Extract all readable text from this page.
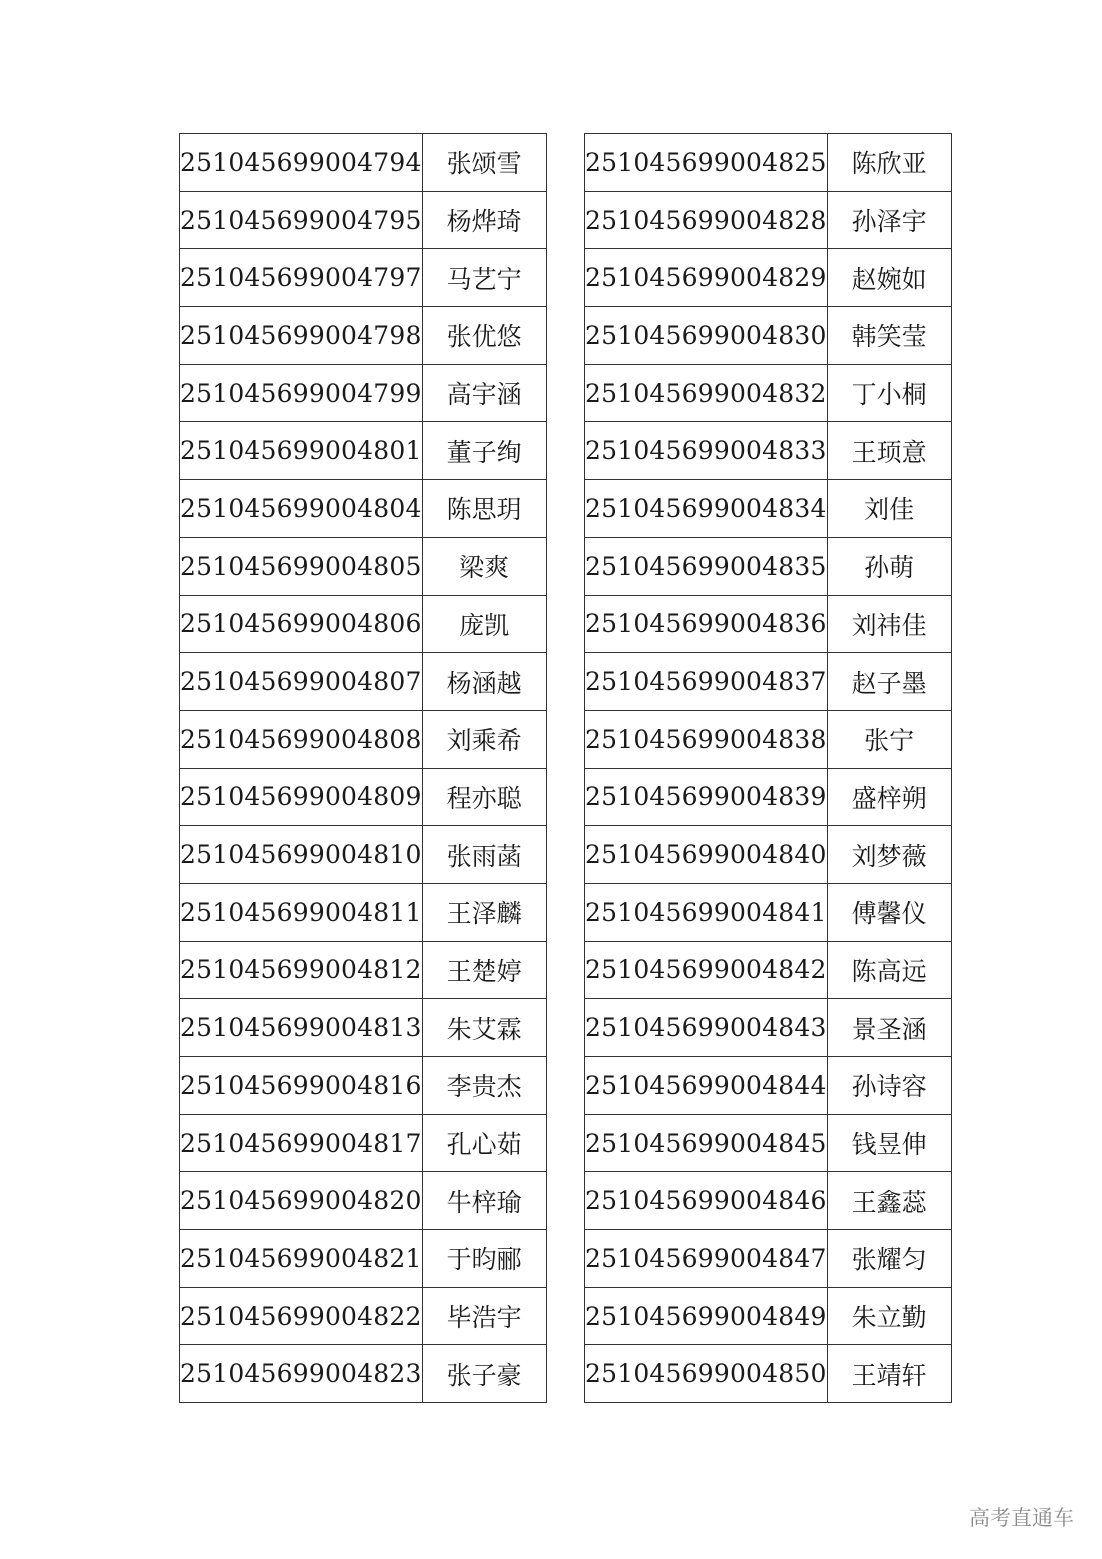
251045699004794	张颂雪
251045699004795	杨烨琦
251045699004797	马艺宁
251045699004798	张优悠
251045699004799	高宇涵
251045699004801	董子绚
251045699004804	陈思玥
251045699004805	梁爽
251045699004806	庞凯
251045699004807	杨涵越
251045699004808	刘乘希
251045699004809	程亦聪
251045699004810	张雨菡
251045699004811	王泽麟
251045699004812	王楚婷
251045699004813	朱艾霖
251045699004816	李贵杰
251045699004817	孔心茹
251045699004820	牛梓瑜
251045699004821	于昀郦
251045699004822	毕浩宇
251045699004823	张子豪
251045699004825	陈欣亚
251045699004828	孙泽宇
251045699004829	赵婉如
251045699004830	韩笑莹
251045699004832	丁小桐
251045699004833	王顼意
251045699004834	刘佳
251045699004835	孙萌
251045699004836	刘祎佳
251045699004837	赵子墨
251045699004838	张宁
251045699004839	盛梓朔
251045699004840	刘梦薇
251045699004841	傅馨仪
251045699004842	陈高远
251045699004843	景圣涵
251045699004844	孙诗容
251045699004845	钱昱伸
251045699004846	王鑫蕊
251045699004847	张耀匀
251045699004849	朱立勤
251045699004850	王靖轩
高考直通车
